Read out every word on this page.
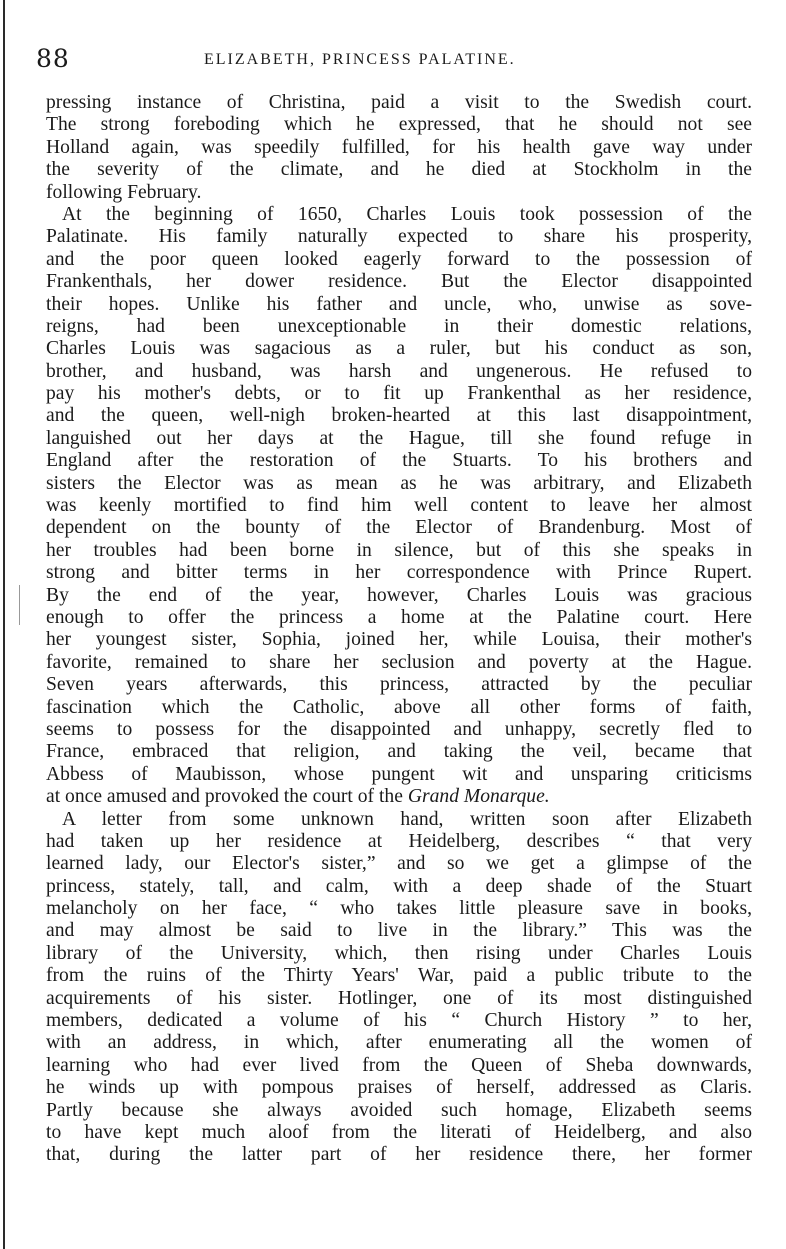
88	ELIZABETH, PRINCESS PALATINE.
pressing instance of Christina, paid a visit to the Swedish court.
The strong foreboding which he expressed, that he should not see
Holland again, was speedily fulfilled, for his health gave way under
the severity of the climate, and he died at Stockholm in the
following February.
At the beginning of 1650, Charles Louis took possession of the
Palatinate. His family naturally expected to share his prosperity,
and the poor queen looked eagerly forward to the possession of
Frankenthals, her dower residence. But the Elector disappointed
their hopes. Unlike his father and uncle, who, unwise as sove-
reigns, had been unexceptionable in their domestic relations,
Charles Louis was sagacious as a ruler, but his conduct as son,
brother, and husband, was harsh and ungenerous. He refused to
pay his mother's debts, or to fit up Frankenthal as her residence,
and the queen, well-nigh broken-hearted at this last disappointment,
languished out her days at the Hague, till she found refuge in
England after the restoration of the Stuarts. To his brothers and
sisters the Elector was as mean as he was arbitrary, and Elizabeth
was keenly mortified to find him well content to leave her almost
dependent on the bounty of the Elector of Brandenburg. Most of
her troubles had been borne in silence, but of this she speaks in
strong and bitter terms in her correspondence with Prince Rupert.
By the end of the year, however, Charles Louis was gracious
enough to offer the princess a home at the Palatine court. Here
her youngest sister, Sophia, joined her, while Louisa, their mother's
favorite, remained to share her seclusion and poverty at the Hague.
Seven years afterwards, this princess, attracted by the peculiar
fascination which the Catholic, above all other forms of faith,
seems to possess for the disappointed and unhappy, secretly fled to
France, embraced that religion, and taking the veil, became that
Abbess of Maubisson, whose pungent wit and unsparing criticisms
at once amused and provoked the court of the Grand Monarque.
A letter from some unknown hand, written soon after Elizabeth
had taken up her residence at Heidelberg, describes “ that very
learned lady, our Elector's sister,” and so we get a glimpse of the
princess, stately, tall, and calm, with a deep shade of the Stuart
melancholy on her face, “ who takes little pleasure save in books,
and may almost be said to live in the library.” This was the
library of the University, which, then rising under Charles Louis
from the ruins of the Thirty Years' War, paid a public tribute to the
acquirements of his sister. Hotlinger, one of its most distinguished
members, dedicated a volume of his “ Church History ” to her,
with an address, in which, after enumerating all the women of
learning who had ever lived from the Queen of Sheba downwards,
he winds up with pompous praises of herself, addressed as Claris.
Partly because she always avoided such homage, Elizabeth seems
to have kept much aloof from the literati of Heidelberg, and also
that, during the latter part of her residence there, her former
